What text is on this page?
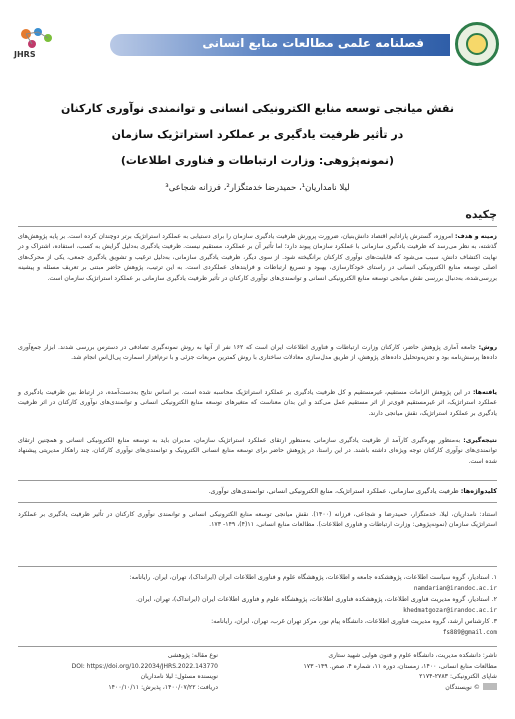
JHRS
فصلنامه علمی مطالعات منابع انسانی
نقش میانجی توسعه منابع الکترونیکی انسانی و توانمندی نوآوری کارکنان
در تأثیر ظرفیت یادگیری بر عملکرد استراتژیک سازمان
(نمونه‌پژوهی: وزارت ارتباطات و فناوری اطلاعات)
لیلا نامداریان¹، حمیدرضا خدمتگزار²، فرزانه شجاعی³
چکیده
زمینه و هدف: امروزه، گسترش پارادایم اقتصاد دانش‌بنیان، ضرورت پرورش ظرفیت یادگیری سازمان را برای دستیابی به عملکرد استراتژیک برتر دوچندان کرده است. بر پایه پژوهش‌های گذشته، به نظر می‌رسد که ظرفیت یادگیری سازمانی با عملکرد سازمان پیوند دارد؛ اما تأثیر آن بر عملکرد، مستقیم نیست. ظرفیت یادگیری به‌دلیل گرایش به کسب، استفاده، اشتراک و در نهایت اکتشاف دانش، سبب می‌شود که قابلیت‌های نوآوری کارکنان برانگیخته شود. از سوی دیگر، ظرفیت یادگیری سازمانی، به‌دلیل ترغیب و تشویق یادگیری جمعی، یکی از محرک‌های اصلی توسعه منابع الکترونیکی انسانی در راستای خودکارسازی، بهبود و تسریع ارتباطات و فرایندهای عملکردی است. به این ترتیب، پژوهش حاضر مبتنی بر تعریف مسئله و پیشینه بررسی‌شده، به‌دنبال بررسی نقش میانجی توسعه منابع الکترونیکی انسانی و توانمندی‌های نوآوری کارکنان در تأثیر ظرفیت یادگیری سازمانی بر عملکرد استراتژیک سازمان است.
روش: جامعه آماری پژوهش حاضر، کارکنان وزارت ارتباطات و فناوری اطلاعات ایران است که ۱۶۲ نفر از آنها به روش نمونه‌گیری تصادفی در دسترس بررسی شدند. ابزار جمع‌آوری داده‌ها پرسش‌نامه بود و تجزیه‌وتحلیل داده‌های پژوهش، از طریق مدل‌سازی معادلات ساختاری با روش کمترین مربعات جزئی و با نرم‌افزار اسمارت پی‌ال‌اس انجام شد.
یافته‌ها: در این پژوهش الزامات مستقیم، غیرمستقیم و کل ظرفیت یادگیری بر عملکرد استراتژیک محاسبه شده است. بر اساس نتایج به‌دست‌آمده، در ارتباط بین ظرفیت یادگیری و عملکرد استراتژیک، اثر غیرمستقیم قوی‌تر از اثر مستقیم عمل می‌کند و این بدان معناست که متغیرهای توسعه منابع الکترونیکی انسانی و توانمندی‌های نوآوری کارکنان در اثر ظرفیت یادگیری بر عملکرد استراتژیک، نقش میانجی دارند.
نتیجه‌گیری: به‌منظور بهره‌گیری کارآمد از ظرفیت یادگیری سازمانی به‌منظور ارتقای عملکرد استراتژیک سازمان، مدیران باید به توسعه منابع الکترونیکی انسانی و همچنین ارتقای توانمندی‌های نوآوری کارکنان توجه ویژه‌ای داشته باشند. در این راستا، در پژوهش حاضر برای توسعه منابع انسانی الکترونیک و توانمندی‌های نوآوری کارکنان، چند راهکار مدیریتی پیشنهاد شده است.
کلیدواژه‌ها: ظرفیت یادگیری سازمانی، عملکرد استراتژیک، منابع الکترونیکی انسانی، توانمندی‌های نوآوری.
استناد: نامداریان، لیلا، خدمتگزار، حمیدرضا و شجاعی، فرزانه (۱۴۰۰). نقش میانجی توسعه منابع الکترونیکی انسانی و توانمندی نوآوری کارکنان در تأثیر ظرفیت یادگیری بر عملکرد استراتژیک سازمان (نمونه‌پژوهی: وزارت ارتباطات و فناوری اطلاعات). مطالعات منابع انسانی، ۱۱(۴)، ۱۴۹- ۱۷۳.
۱. استادیار، گروه سیاست اطلاعات، پژوهشکده جامعه و اطلاعات، پژوهشگاه علوم و فناوری اطلاعات ایران (ایرانداک)، تهران، ایران. رایانامه:
namdarian@irandoc.ac.ir
۲. استادیار، گروه مدیریت فناوری اطلاعات، پژوهشکده فناوری اطلاعات، پژوهشگاه علوم و فناوری اطلاعات ایران (ایرانداک)، تهران، ایران.
khedmatgozar@irandoc.ac.ir
۳. کارشناس ارشد، گروه مدیریت فناوری اطلاعات، دانشگاه پیام نور، مرکز تهران غرب، تهران، ایران، رایانامه:
fs889@gmail.com
ناشر: دانشکده مدیریت، دانشگاه علوم و فنون هوایی شهید ستاری
مطالعات منابع انسانی، ۱۴۰۰، زمستان، دوره ۱۱، شماره ۴، صص. ۱۴۹- ۱۷۳
شاپای الکترونیکی: ۲۷۸۳-۲۱۷۴
© نویسندگان
نوع مقاله: پژوهشی
DOI: https://doi.org/10.22034/JHRS.2022.143770
نویسنده مسئول: لیلا نامداریان
دریافت: ۱۴۰۰/۰۷/۲۲، پذیرش: ۱۴۰۰/۱۰/۱۱
